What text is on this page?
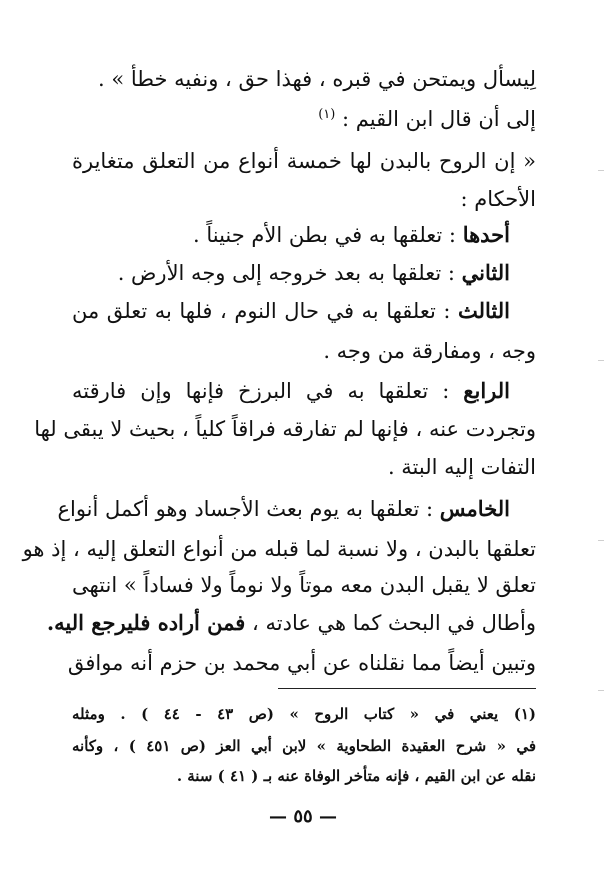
لِيسأل ويمتحن في قبره ، فهذا حق ، ونفيه خطأ » .
إلى أن قال ابن القيم : $^{(١)}$
« إن الروح بالبدن لها خمسة أنواع من التعلق متغايرة
الأحكام :
أحدها : تعلقها به في بطن الأم جنيناً .
الثاني : تعلقها به بعد خروجه إلى وجه الأرض .
الثالث : تعلقها به في حال النوم ، فلها به تعلق من
وجه ، ومفارقة من وجه .
الرابع : تعلقها به في البرزخ فإنها وإن فارقته
وتجردت عنه ، فإنها لم تفارقه فراقاً كلياً ، بحيث لا يبقى لها
التفات إليه البتة .
الخامس : تعلقها به يوم بعث الأجساد وهو أكمل أنواع
تعلقها بالبدن ، ولا نسبة لما قبله من أنواع التعلق إليه ، إذ هو
تعلق لا يقبل البدن معه موتاً ولا نوماً ولا فساداً » انتهى
وأطال في البحث كما هي عادته ، فمن أراده فليرجع اليه.
وتبين أيضاً مما نقلناه عن أبي محمد بن حزم أنه موافق
(١) يعني في « كتاب الروح » (ص ٤٣ - ٤٤ ) . ومثله
في « شرح العقيدة الطحاوية » لابن أبي العز (ص ٤٥١ ) ، وكأنه
نقله عن ابن القيم ، فإنه متأخر الوفاة عنه بـ ( ٤١ ) سنة .
— ٥٥ —
